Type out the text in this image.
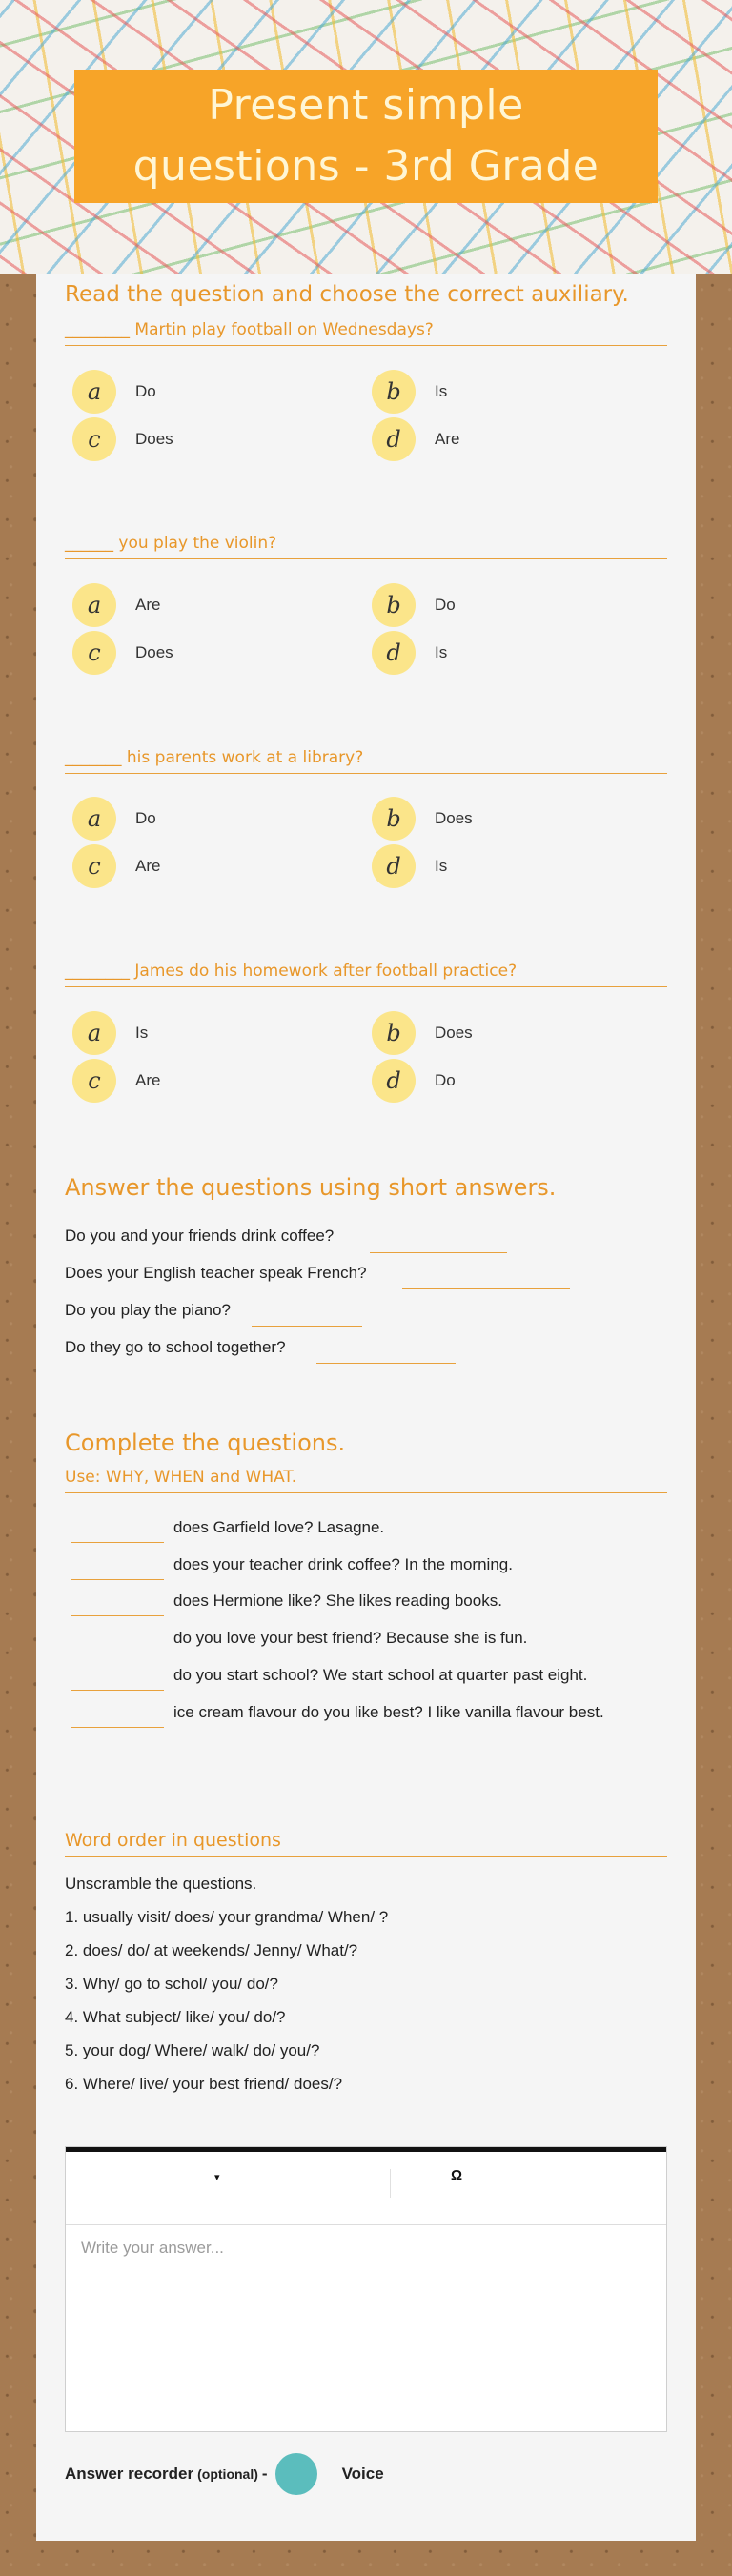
Present simple questions - 3rd Grade
Read the question and choose the correct auxiliary.
________ Martin play football on Wednesdays?
a	Do	b	Is
c	Does	d	Are
______ you play the violin?
a	Are	b	Do
c	Does	d	Is
_______ his parents work at a library?
a	Do	b	Does
c	Are	d	Is
________ James do his homework after football practice?
a	Is	b	Does
c	Are	d	Do
Answer the questions using short answers.
Do you and your friends drink coffee?
Does your English teacher speak French?
Do you play the piano?
Do they go to school together?
Complete the questions.
Use: WHY, WHEN and WHAT.
does Garfield love? Lasagne.
does your teacher drink coffee? In the morning.
does Hermione like? She likes reading books.
do you love your best friend? Because she is fun.
do you start school? We start school at quarter past eight.
ice cream flavour do you like best? I like vanilla flavour best.
Word order in questions
Unscramble the questions.
1. usually visit/ does/ your grandma/ When/ ?
2. does/ do/ at weekends/ Jenny/ What/?
3. Why/ go to schol/ you/ do/?
4. What subject/ like/ you/ do/?
5. your dog/ Where/ walk/ do/ you/?
6. Where/ live/ your best friend/ does/?
▾	Ω
Write your answer...
Answer recorder (optional) -	Voice
